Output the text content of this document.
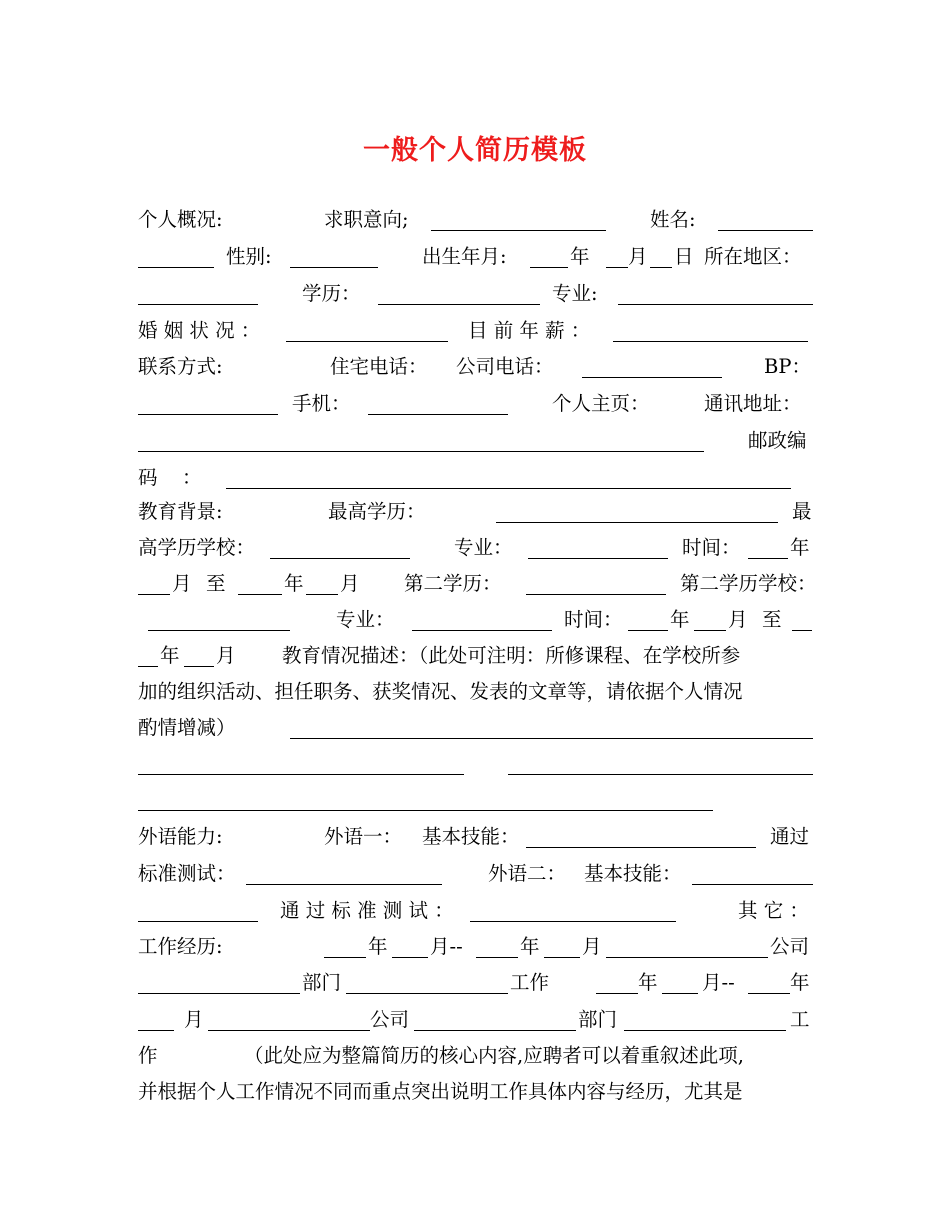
一般个人简历模板
个人概况:	求职意向;	姓名:
性别:	出生年月:	年 月 日 所在地区：
学历：	专业:
婚 姻 状 况 ：	目 前 年 薪 ：
联系方式:	住宅电话： 公司电话：	BP：
手机：	个人主页：	通讯地址：
邮政编
码 ：
教育背景:	最高学历：	最
高学历学校：	专业：	时间：	年
月 至	年 月 第二学历：	第二学历学校：
专业：	时间： 年 月 至
年 月 教育情况描述：（此处可注明：所修课程、在学校所参
加的组织活动、担任职务、获奖情况、发表的文章等，请依据个人情况
酌情增减）
外语能力:	外语一： 基本技能：	通过
标准测试：	外语二： 基本技能：
通 过 标 准 测 试 ：	其 它 ：
工作经历:	年 月--	年 月	公司
部门	工作	年 月--	年
月	公司	部门	工
作	（此处应为整篇简历的核心内容,应聘者可以着重叙述此项,
并根据个人工作情况不同而重点突出说明工作具体内容与经历，尤其是
